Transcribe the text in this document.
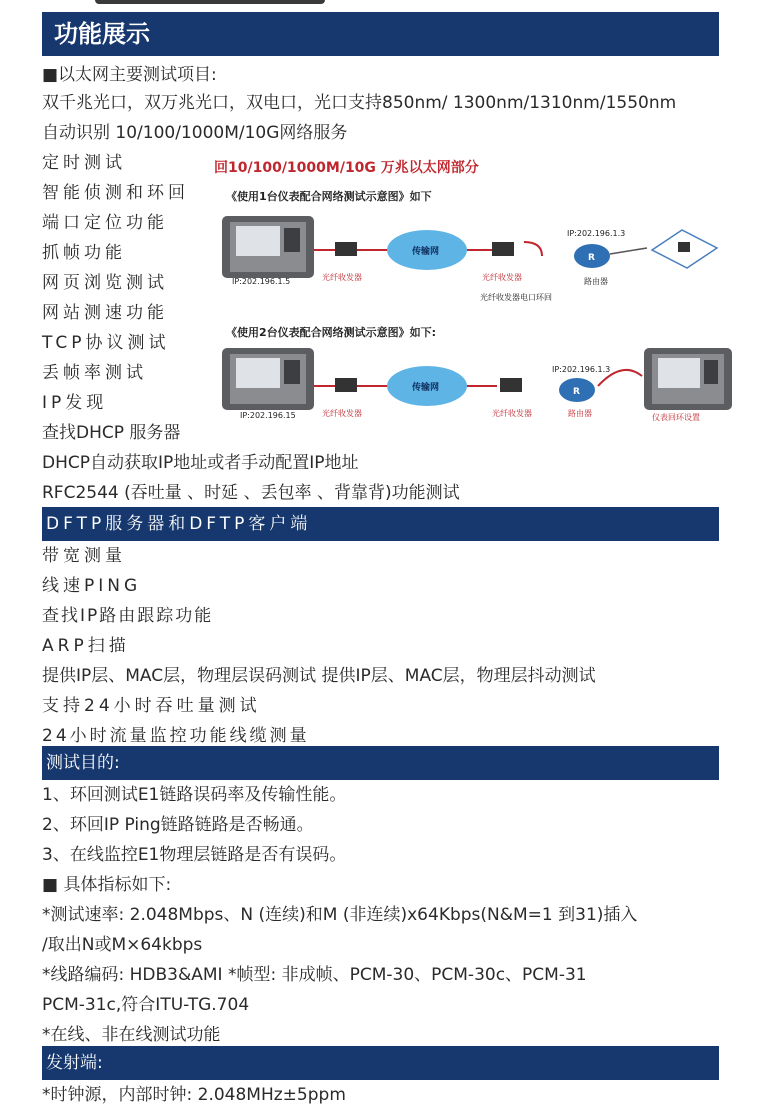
功能展示
■以太网主要测试项目:
双千兆光口，双万兆光口，双电口，光口支持850nm/ 1300nm/1310nm/1550nm
自动识别 10/100/1000M/10G网络服务
定时测试
智能侦测和环回
端口定位功能
抓帧功能
网页浏览测试
网站测速功能
TCP协议测试
丢帧率测试
IP发现
查找DHCP 服务器
DHCP自动获取IP地址或者手动配置IP地址
RFC2544 (吞吐量 、时延 、丢包率 、背靠背)功能测试
回10/100/1000M/10G 万兆以太网部分
《使用1台仪表配合网络测试示意图》如下
IP:202.196.1.5	光纤收发器
传输网
光纤收发器
光纤收发器电口环回
IP:202.196.1.3
R
路由器
《使用2台仪表配合网络测试示意图》如下:
IP:202.196.15	光纤收发器
传输网
光纤收发器
IP:202.196.1.3
R
路由器	仪表回环设置
DFTP服务器和DFTP客户端
带宽测量
线速PING
查找IP路由跟踪功能
ARP扫描
提供IP层、MAC层，物理层误码测试 提供IP层、MAC层，物理层抖动测试
支持24小时吞吐量测试
24小时流量监控功能线缆测量
测试目的:
1、环回测试E1链路误码率及传输性能。
2、环回IP Ping链路链路是否畅通。
3、在线监控E1物理层链路是否有误码。
■ 具体指标如下:
*测试速率: 2.048Mbps、N (连续)和M (非连续)x64Kbps(N&M=1 到31)插入
/取出N或M×64kbps
*线路编码: HDB3&AMI *帧型: 非成帧、PCM-30、PCM-30c、PCM-31
PCM-31c,符合ITU-TG.704
*在线、非在线测试功能
发射端:
*时钟源，内部时钟: 2.048MHz±5ppm
